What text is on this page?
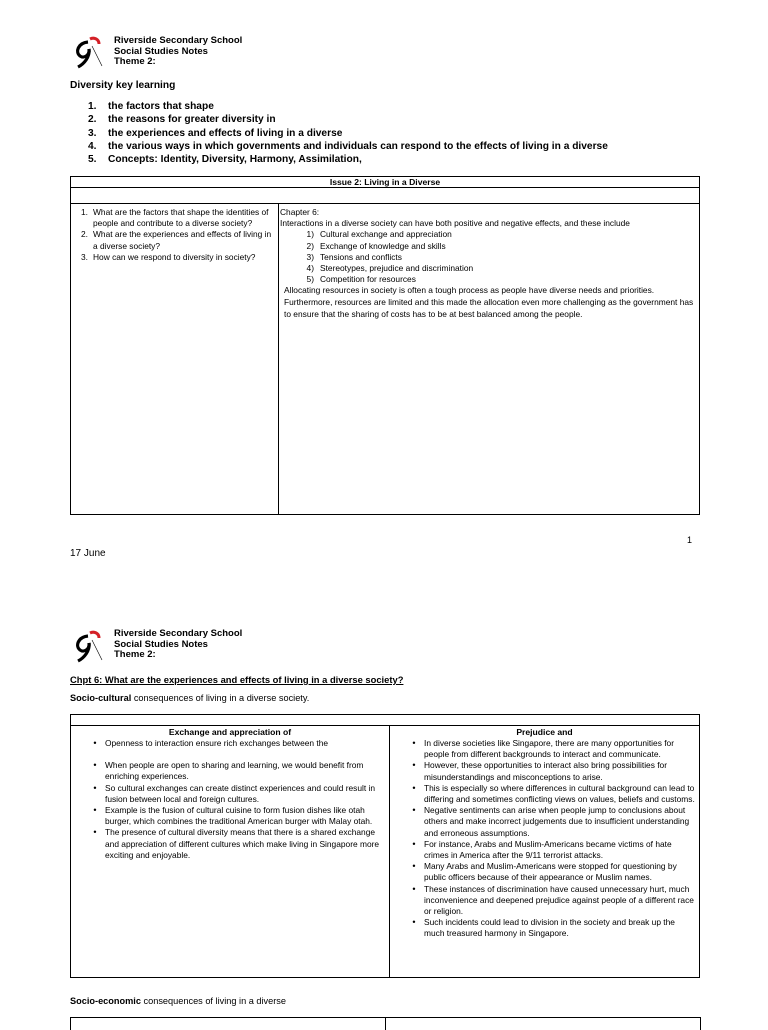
Riverside Secondary School
Social Studies Notes
Theme 2:
Diversity key learning
1.	the factors that shape
2.	the reasons for greater diversity in
3.	the experiences and effects of living in a diverse
4.	the various ways in which governments and individuals can respond to the effects of living in a diverse
5.	Concepts: Identity, Diversity, Harmony, Assimilation,
Issue 2: Living in a Diverse

1. What are the factors that shape the identities of people and contribute to a diverse society?
2. What are the experiences and effects of living in a diverse society?
3. How can we respond to diversity in society?

Chapter 6:
Interactions in a diverse society can have both positive and negative effects, and these include
1) Cultural exchange and appreciation
2) Exchange of knowledge and skills
3) Tensions and conflicts
4) Stereotypes, prejudice and discrimination
5) Competition for resources
Allocating resources in society is often a tough process as people have diverse needs and priorities. Furthermore, resources are limited and this made the allocation even more challenging as the government has to ensure that the sharing of costs has to be at best balanced among the people.
1
17 June
Riverside Secondary School
Social Studies Notes
Theme 2:
Chpt 6: What are the experiences and effects of living in a diverse society?
Socio-cultural consequences of living in a diverse society.

Exchange and appreciation of
•	Openness to interaction ensure rich exchanges between the
•	When people are open to sharing and learning, we would benefit from enriching experiences.
•	So cultural exchanges can create distinct experiences and could result in fusion between local and foreign cultures.
•	Example is the fusion of cultural cuisine to form fusion dishes like otah burger, which combines the traditional American burger with Malay otah.
•	The presence of cultural diversity means that there is a shared exchange and appreciation of different cultures which make living in Singapore more exciting and enjoyable.

Prejudice and
•	In diverse societies like Singapore, there are many opportunities for people from different backgrounds to interact and communicate.
•	However, these opportunities to interact also bring possibilities for misunderstandings and misconceptions to arise.
•	This is especially so where differences in cultural background can lead to differing and sometimes conflicting views on values, beliefs and customs.
•	Negative sentiments can arise when people jump to conclusions about others and make incorrect judgements due to insufficient understanding and erroneous assumptions.
•	For instance, Arabs and Muslim-Americans became victims of hate crimes in America after the 9/11 terrorist attacks.
•	Many Arabs and Muslim-Americans were stopped for questioning by public officers because of their appearance or Muslim names.
•	These instances of discrimination have caused unnecessary hurt, much inconvenience and deepened prejudice against people of a different race or religion.
•	Such incidents could lead to division in the society and break up the much treasured harmony in Singapore.
Socio-economic consequences of living in a diverse
